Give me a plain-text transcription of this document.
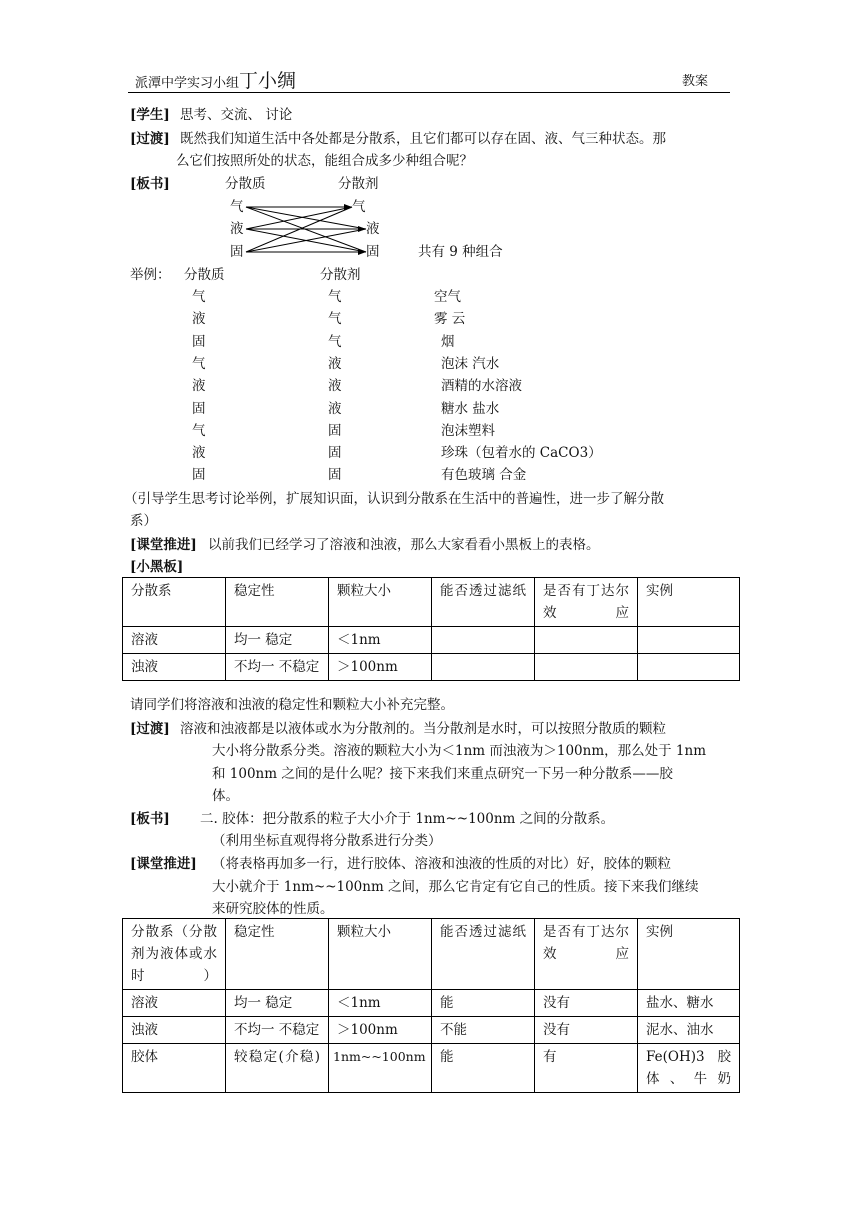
派潭中学实习小组丁小绸	教案
[学生] 思考、交流、 讨论
[过渡] 既然我们知道生活中各处都是分散系，且它们都可以存在固、液、气三种状态。那
么它们按照所处的状态，能组合成多少种组合呢？
[板书]	分散质	分散剂
气
液
固
气
液
固	共有 9 种组合
举例： 分散质	分散剂
气	气	空气
液	气	雾 云
固	气	烟
气	液	泡沫 汽水
液	液	酒精的水溶液
固	液	糖水 盐水
气	固	泡沫塑料
液	固	珍珠（包着水的 CaCO3）
固	固	有色玻璃 合金
（引导学生思考讨论举例，扩展知识面，认识到分散系在生活中的普遍性，进一步了解分散
系）
[课堂推进] 以前我们已经学习了溶液和浊液，那么大家看看小黑板上的表格。
[小黑板]
分散系	稳定性	颗粒大小	能否透过滤纸	是否有丁达尔效应	实例
溶液	均一 稳定	＜1nm			
浊液	不均一 不稳定	＞100nm			
请同学们将溶液和浊液的稳定性和颗粒大小补充完整。
[过渡] 溶液和浊液都是以液体或水为分散剂的。当分散剂是水时，可以按照分散质的颗粒
大小将分散系分类。溶液的颗粒大小为＜1nm 而浊液为＞100nm，那么处于 1nm
和 100nm 之间的是什么呢？接下来我们来重点研究一下另一种分散系——胶
体。
[板书] 二. 胶体：把分散系的粒子大小介于 1nm~~100nm 之间的分散系。
（利用坐标直观得将分散系进行分类）
[课堂推进] （将表格再加多一行，进行胶体、溶液和浊液的性质的对比）好，胶体的颗粒
大小就介于 1nm~~100nm 之间，那么它肯定有它自己的性质。接下来我们继续
来研究胶体的性质。
分散系（分散剂为液体或水时）	稳定性	颗粒大小	能否透过滤纸	是否有丁达尔效应	实例
溶液	均一 稳定	＜1nm	能	没有	盐水、糖水
浊液	不均一 不稳定	＞100nm	不能	没有	泥水、油水
胶体	较稳定(介稳)	1nm~~100nm	能	有	Fe(OH)3 胶体、牛奶
